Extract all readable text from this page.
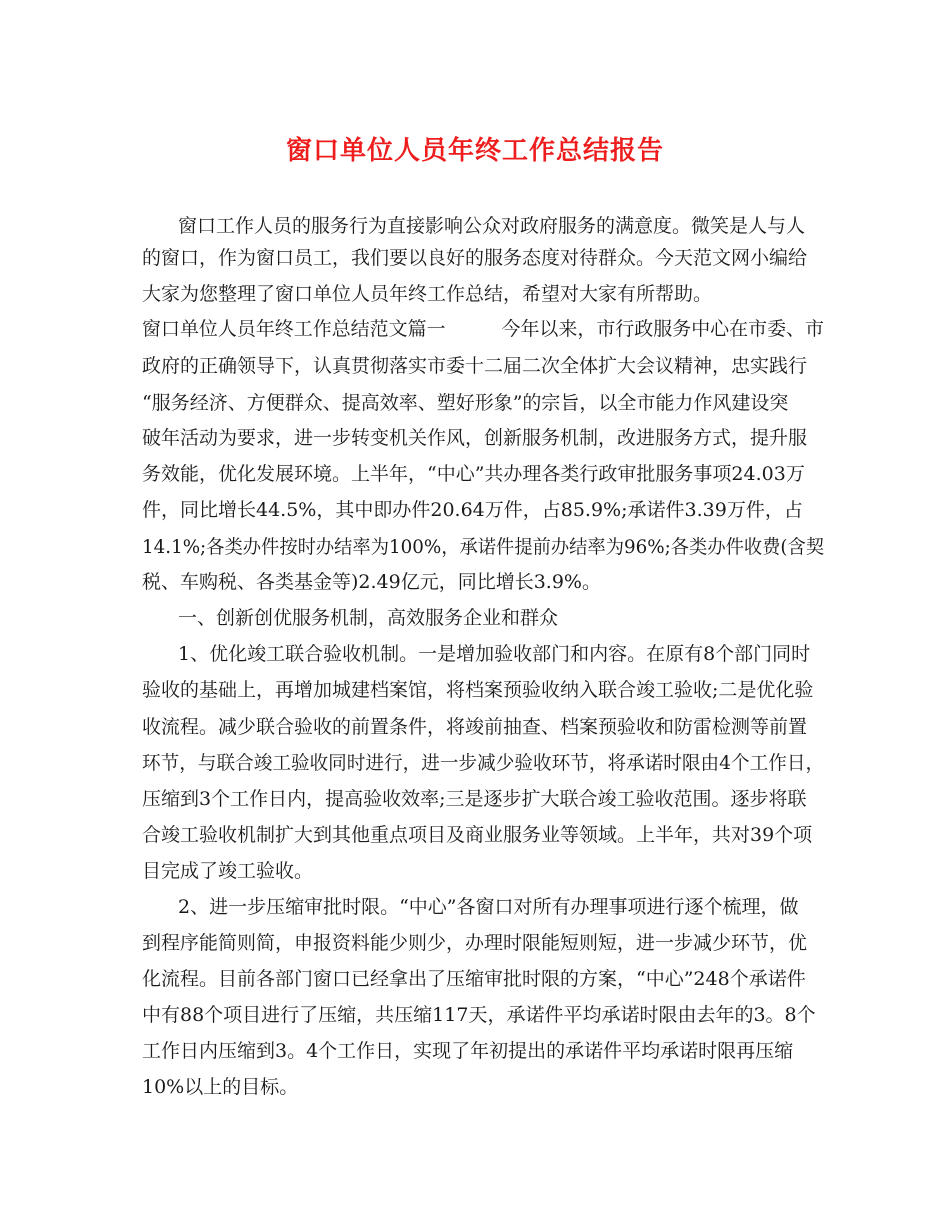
窗口单位人员年终工作总结报告
窗口工作人员的服务行为直接影响公众对政府服务的满意度。微笑是人与人
的窗口，作为窗口员工，我们要以良好的服务态度对待群众。今天范文网小编给
大家为您整理了窗口单位人员年终工作总结，希望对大家有所帮助。
窗口单位人员年终工作总结范文篇一	今年以来，市行政服务中心在市委、市
政府的正确领导下，认真贯彻落实市委十二届二次全体扩大会议精神，忠实践行
“服务经济、方便群众、提高效率、塑好形象”的宗旨，以全市能力作风建设突
破年活动为要求，进一步转变机关作风，创新服务机制，改进服务方式，提升服
务效能，优化发展环境。上半年，“中心”共办理各类行政审批服务事项24.03万
件，同比增长44.5%，其中即办件20.64万件，占85.9%;承诺件3.39万件，占
14.1%;各类办件按时办结率为100%，承诺件提前办结率为96%;各类办件收费(含契
税、车购税、各类基金等)2.49亿元，同比增长3.9%。
一、创新创优服务机制，高效服务企业和群众
1、优化竣工联合验收机制。一是增加验收部门和内容。在原有8个部门同时
验收的基础上，再增加城建档案馆，将档案预验收纳入联合竣工验收;二是优化验
收流程。减少联合验收的前置条件，将竣前抽查、档案预验收和防雷检测等前置
环节，与联合竣工验收同时进行，进一步减少验收环节，将承诺时限由4个工作日，
压缩到3个工作日内，提高验收效率;三是逐步扩大联合竣工验收范围。逐步将联
合竣工验收机制扩大到其他重点项目及商业服务业等领域。上半年，共对39个项
目完成了竣工验收。
2、进一步压缩审批时限。“中心”各窗口对所有办理事项进行逐个梳理，做
到程序能简则简，申报资料能少则少，办理时限能短则短，进一步减少环节，优
化流程。目前各部门窗口已经拿出了压缩审批时限的方案，“中心”248个承诺件
中有88个项目进行了压缩，共压缩117天，承诺件平均承诺时限由去年的3。8个
工作日内压缩到3。4个工作日，实现了年初提出的承诺件平均承诺时限再压缩
10%以上的目标。
